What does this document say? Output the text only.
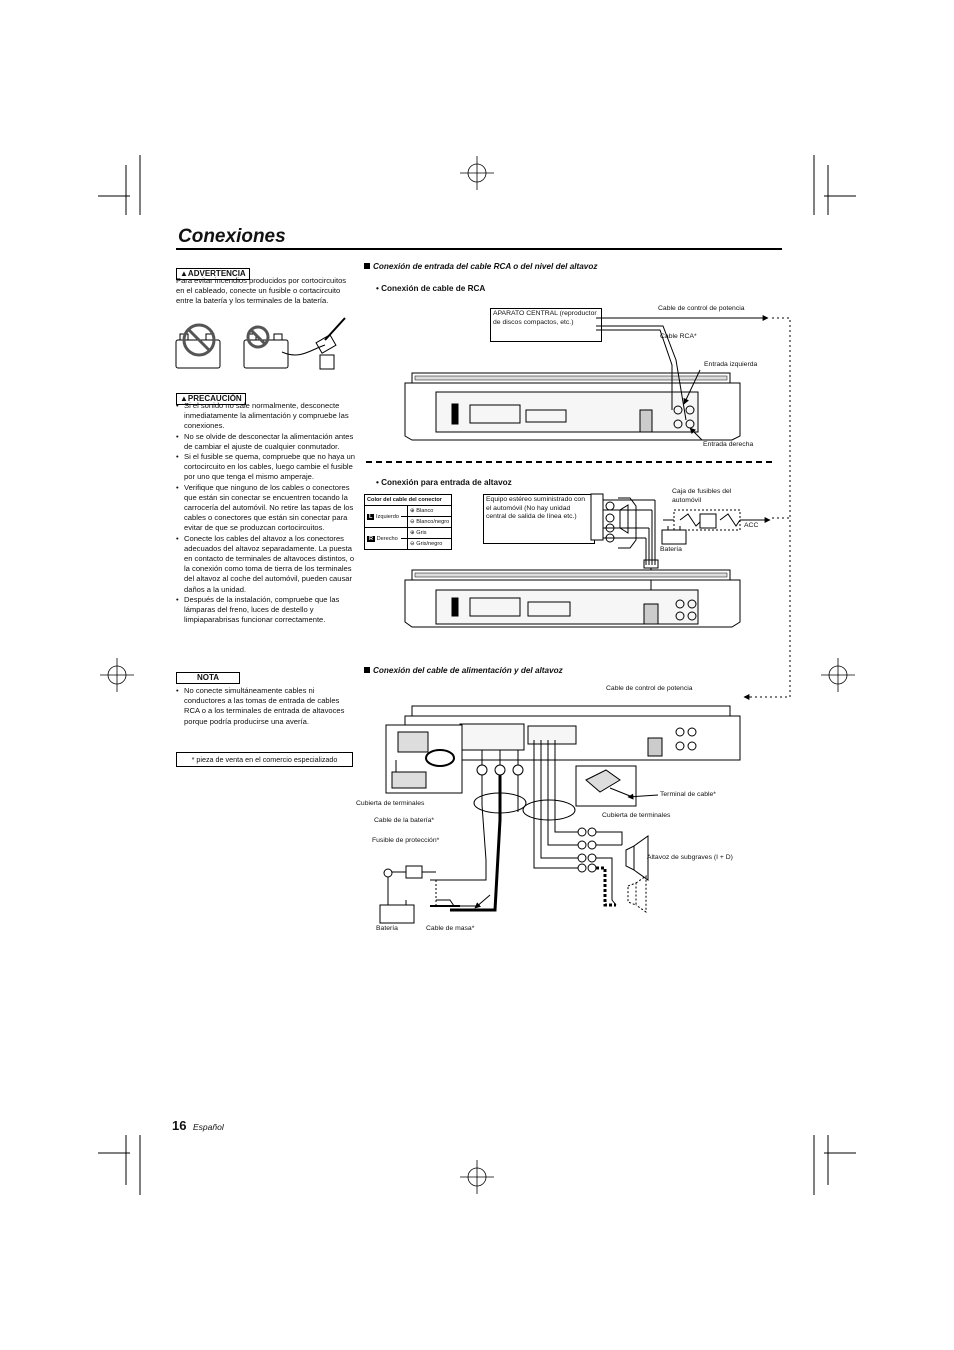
Conexiones
▲ADVERTENCIA
Para evitar incendios producidos por cortocircuitos en el cableado, conecte un fusible o cortacircuito entre la batería y los terminales de la batería.
▲PRECAUCIÓN
• Si el sonido no sale normalmente, desconecte inmediatamente la alimentación y compruebe las conexiones.
• No se olvide de desconectar la alimentación antes de cambiar el ajuste de cualquier conmutador.
• Si el fusible se quema, compruebe que no haya un cortocircuito en los cables, luego cambie el fusible por uno que tenga el mismo amperaje.
• Verifique que ninguno de los cables o conectores que están sin conectar se encuentren tocando la carrocería del automóvil. No retire las tapas de los cables o conectores que están sin conectar para evitar de que se produzcan cortocircuitos.
• Conecte los cables del altavoz a los conectores adecuados del altavoz separadamente. La puesta en contacto de terminales de altavoces distintos, o la conexión como toma de tierra de los terminales del altavoz al coche del automóvil, pueden causar daños a la unidad.
• Después de la instalación, compruebe que las lámparas del freno, luces de destello y limpiaparabrisas funcionar correctamente.
NOTA
• No conecte simultáneamente cables ni conductores a las tomas de entrada de cables RCA o a los terminales de entrada de altavoces porque podría producirse una avería.
* pieza de venta en el comercio especializado
Conexión de entrada del cable RCA o del nivel del altavoz
• Conexión de cable de RCA
APARATO CENTRAL (reproductor de discos compactos, etc.)
Cable de control de potencia
Cable RCA*
Entrada izquierda
Entrada derecha
• Conexión para entrada de altavoz
Color del cable del conector		
L Izquierdo		⊕ Blanco
		⊖ Blanco/negro
R Derecho		⊕ Gris
		⊖ Gris/negro
Equipo estéreo suministrado con el automóvil (No hay unidad central de salida de línea etc.)
Caja de fusibles del automóvil
ACC
Batería
Conexión del cable de alimentación y del altavoz
Cable de control de potencia
Cubierta de terminales
Cable de la batería*
Fusible de protección*
Batería	Cable de masa*
Terminal de cable*
Cubierta de terminales
Altavoz de subgraves (I + D)
16 Español
